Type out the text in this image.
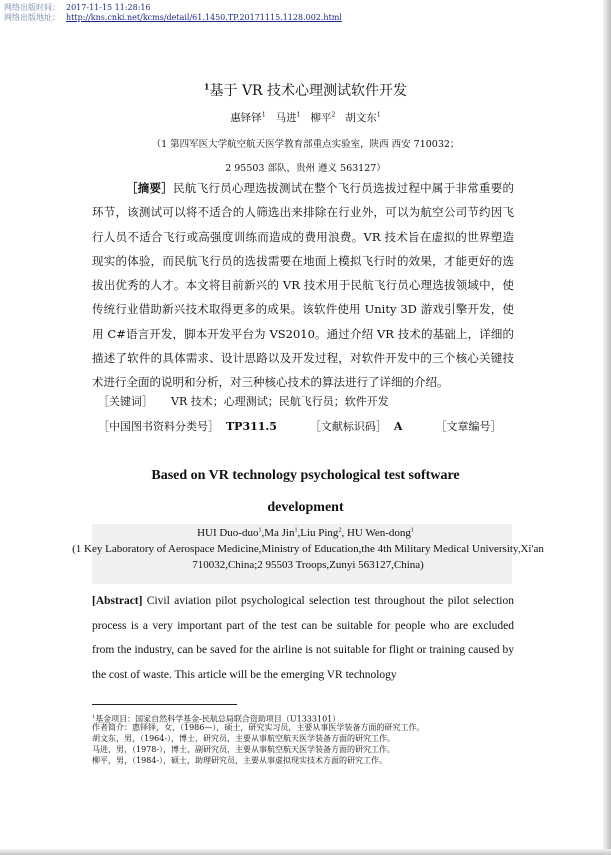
网络出版时间： 2017-11-15 11:28:16
网络出版地址： http://kns.cnki.net/kcms/detail/61.1450.TP.20171115.1128.002.html
$^1$基于 VR 技术心理测试软件开发
惠铎铎$^1$ 马进$^1$ 柳平$^2$ 胡文东$^1$
（1 第四军医大学航空航天医学教育部重点实验室，陕西 西安 710032；
2 95503 部队，贵州 遵义 563127）
［摘要］民航飞行员心理选拔测试在整个飞行员选拔过程中属于非常重要的环节，该测试可以将不适合的人筛选出来排除在行业外，可以为航空公司节约因飞行人员不适合飞行或高强度训练而造成的费用浪费。VR 技术旨在虚拟的世界塑造现实的体验，而民航飞行员的选拔需要在地面上模拟飞行时的效果，才能更好的选拔出优秀的人才。本文将目前新兴的 VR 技术用于民航飞行员心理选拔领域中，使传统行业借助新兴技术取得更多的成果。该软件使用 Unity 3D 游戏引擎开发，使用 C#语言开发，脚本开发平台为 VS2010。通过介绍 VR 技术的基础上，详细的描述了软件的具体需求、设计思路以及开发过程，对软件开发中的三个核心关键技术进行全面的说明和分析，对三种核心技术的算法进行了详细的介绍。
［关键词］ VR 技术；心理测试；民航飞行员；软件开发
［中国图书资料分类号］ TP311.5	［文献标识码］ A	［文章编号］
Based on VR technology psychological test software
development
HUI Duo-duo$^1$,Ma Jin$^1$,Liu Ping$^2$, HU Wen-dong$^1$
(1 Key Laboratory of Aerospace Medicine,Ministry of Education,the 4th Military Medical University,Xi'an 710032,China;2 95503 Troops,Zunyi 563127,China)
[Abstract] Civil aviation pilot psychological selection test throughout the pilot selection process is a very important part of the test can be suitable for people who are excluded from the industry, can be saved for the airline is not suitable for flight or training caused by the cost of waste. This article will be the emerging VR technology
$^1$基金项目：国家自然科学基金-民航总局联合资助项目（U1333101）
作者简介：惠铎铎，女，（1986—），硕士，研究实习员，主要从事医学装备方面的研究工作。
胡文东，男，（1964-），博士，研究员，主要从事航空航天医学装备方面的研究工作。
马进，男，（1978-），博士，副研究员，主要从事航空航天医学装备方面的研究工作。
柳平，男，（1984-），硕士，助理研究员，主要从事虚拟现实技术方面的研究工作。
